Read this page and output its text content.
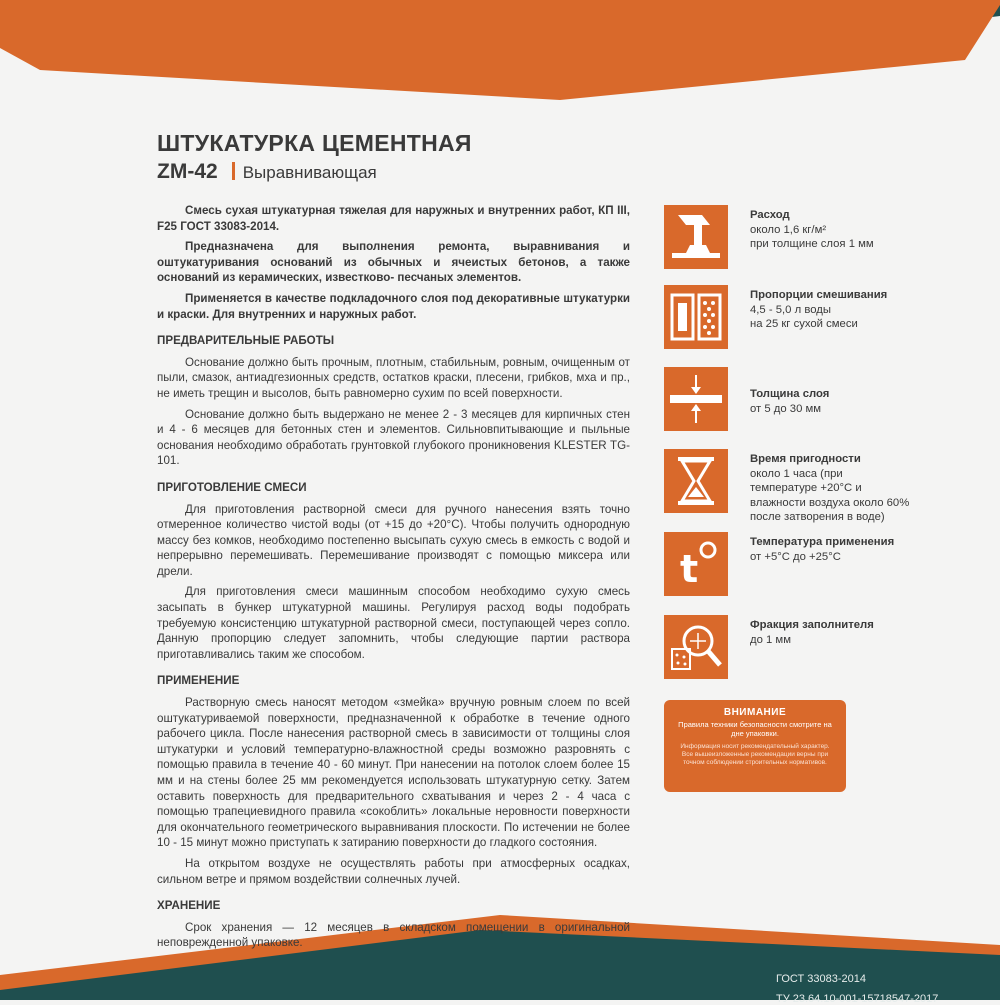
ШТУКАТУРКА ЦЕМЕНТНАЯ
ZM-42 Выравнивающая

Смесь сухая штукатурная тяжелая для наружных и внутренних работ, КП III, F25 ГОСТ 33083-2014.

Предназначена для выполнения ремонта, выравнивания и оштукатуривания оснований из обычных и ячеистых бетонов, а также оснований из керамических, известково- песчаных элементов.

Применяется в качестве подкладочного слоя под декоративные штукатурки и краски. Для внутренних и наружных работ.

ПРЕДВАРИТЕЛЬНЫЕ РАБОТЫ

Основание должно быть прочным, плотным, стабильным, ровным, очищенным от пыли, смазок, антиадгезионных средств, остатков краски, плесени, грибков, мха и пр., не иметь трещин и высолов, быть равномерно сухим по всей поверхности.

Основание должно быть выдержано не менее 2 - 3 месяцев для кирпичных стен и 4 - 6 месяцев для бетонных стен и элементов. Сильновпитывающие и пыльные основания необходимо обработать грунтовкой глубокого проникновения KLESTER TG-101.

ПРИГОТОВЛЕНИЕ СМЕСИ

Для приготовления растворной смеси для ручного нанесения взять точно отмеренное количество чистой воды (от +15 до +20°С). Чтобы получить однородную массу без комков, необходимо постепенно высыпать сухую смесь в емкость с водой и непрерывно перемешивать. Перемешивание производят с помощью миксера или дрели.

Для приготовления смеси машинным способом необходимо сухую смесь засыпать в бункер штукатурной машины. Регулируя расход воды подобрать требуемую консистенцию штукатурной растворной смеси, поступающей через сопло. Данную пропорцию следует запомнить, чтобы следующие партии раствора приготавливались таким же способом.

ПРИМЕНЕНИЕ

Растворную смесь наносят методом «змейка» вручную ровным слоем по всей оштукатуриваемой поверхности, предназначенной к обработке в течение одного рабочего цикла. После нанесения растворной смесь в зависимости от толщины слоя штукатурки и условий температурно-влажностной среды возможно разровнять с помощью правила в течение 40 - 60 минут. При нанесении на потолок слоем более 15 мм и на стены более 25 мм рекомендуется использовать штукатурную сетку. Затем оставить поверхность для предварительного схватывания и через 2 - 4 часа с помощью трапециевидного правила «сокоблить» локальные неровности поверхности для окончательного геометрического выравнивания плоскости. По истечении не более 10 - 15 минут можно приступать к затиранию поверхности до гладкого состояния.

На открытом воздухе не осуществлять работы при атмосферных осадках, сильном ветре и прямом воздействии солнечных лучей.

ХРАНЕНИЕ

Срок хранения — 12 месяцев в складском помещении в оригинальной неповрежденной упаковке.

Расход
около 1,6 кг/м²
при толщине слоя 1 мм
Пропорции смешивания
4,5 - 5,0 л воды
на 25 кг сухой смеси
Толщина слоя
от 5 до 30 мм
Время пригодности
около 1 часа (при температуре +20°С и влажности воздуха около 60% после затворения в воде)
t
Температура применения
от +5°С до +25°С
Фракция заполнителя
до 1 мм
ВНИМАНИЕ
Правила техники безопасности смотрите на дне упаковки.
Информация носит рекомендательный характер. Все вышеизложенные рекомендации верны при точном соблюдении строительных нормативов.
ГОСТ 33083-2014
ТУ 23.64.10-001-15718547-2017
